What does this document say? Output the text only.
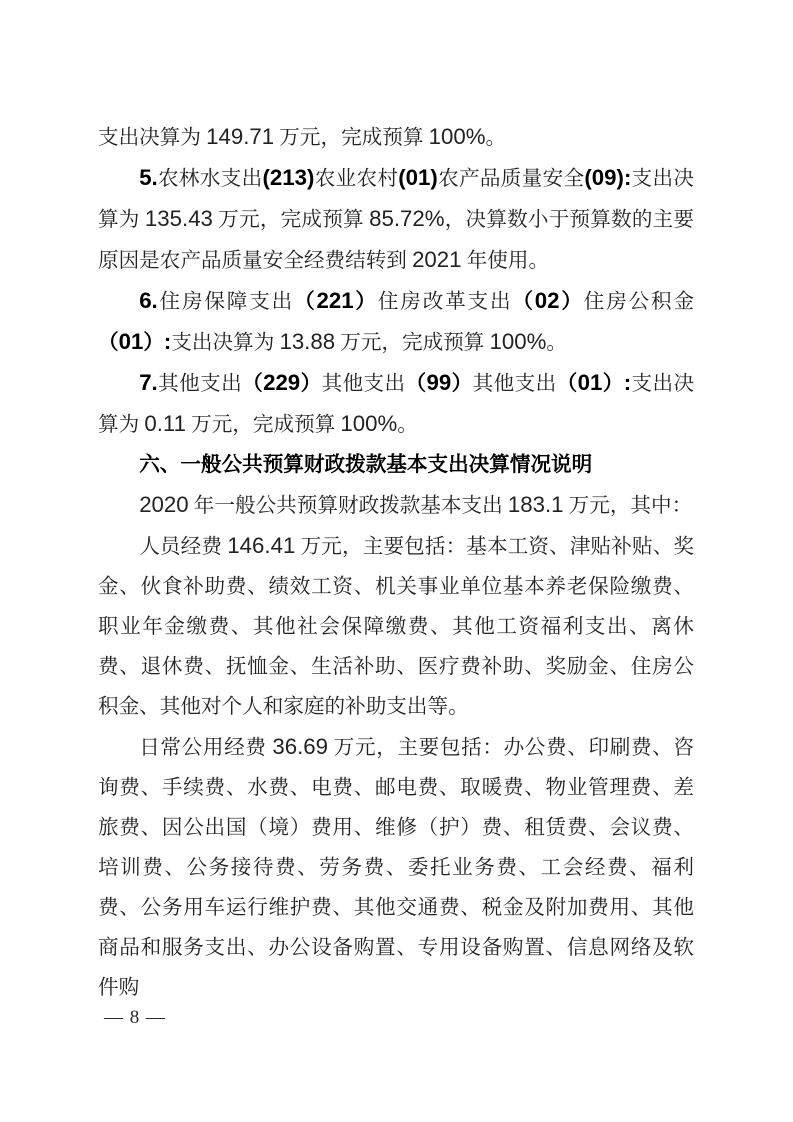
支出决算为 149.71 万元，完成预算 100%。

5.农林水支出(213)农业农村(01)农产品质量安全(09):支出决算为 135.43 万元，完成预算 85.72%，决算数小于预算数的主要原因是农产品质量安全经费结转到 2021 年使用。

6.住房保障支出（221）住房改革支出（02）住房公积金（01）:支出决算为 13.88 万元，完成预算 100%。

7.其他支出（229）其他支出（99）其他支出（01）:支出决算为 0.11 万元，完成预算 100%。

六、一般公共预算财政拨款基本支出决算情况说明

2020 年一般公共预算财政拨款基本支出 183.1 万元，其中：

人员经费 146.41 万元，主要包括：基本工资、津贴补贴、奖金、伙食补助费、绩效工资、机关事业单位基本养老保险缴费、职业年金缴费、其他社会保障缴费、其他工资福利支出、离休费、退休费、抚恤金、生活补助、医疗费补助、奖励金、住房公积金、其他对个人和家庭的补助支出等。

日常公用经费 36.69 万元，主要包括：办公费、印刷费、咨询费、手续费、水费、电费、邮电费、取暖费、物业管理费、差旅费、因公出国（境）费用、维修（护）费、租赁费、会议费、培训费、公务接待费、劳务费、委托业务费、工会经费、福利费、公务用车运行维护费、其他交通费、税金及附加费用、其他商品和服务支出、办公设备购置、专用设备购置、信息网络及软件购

— 8 —
